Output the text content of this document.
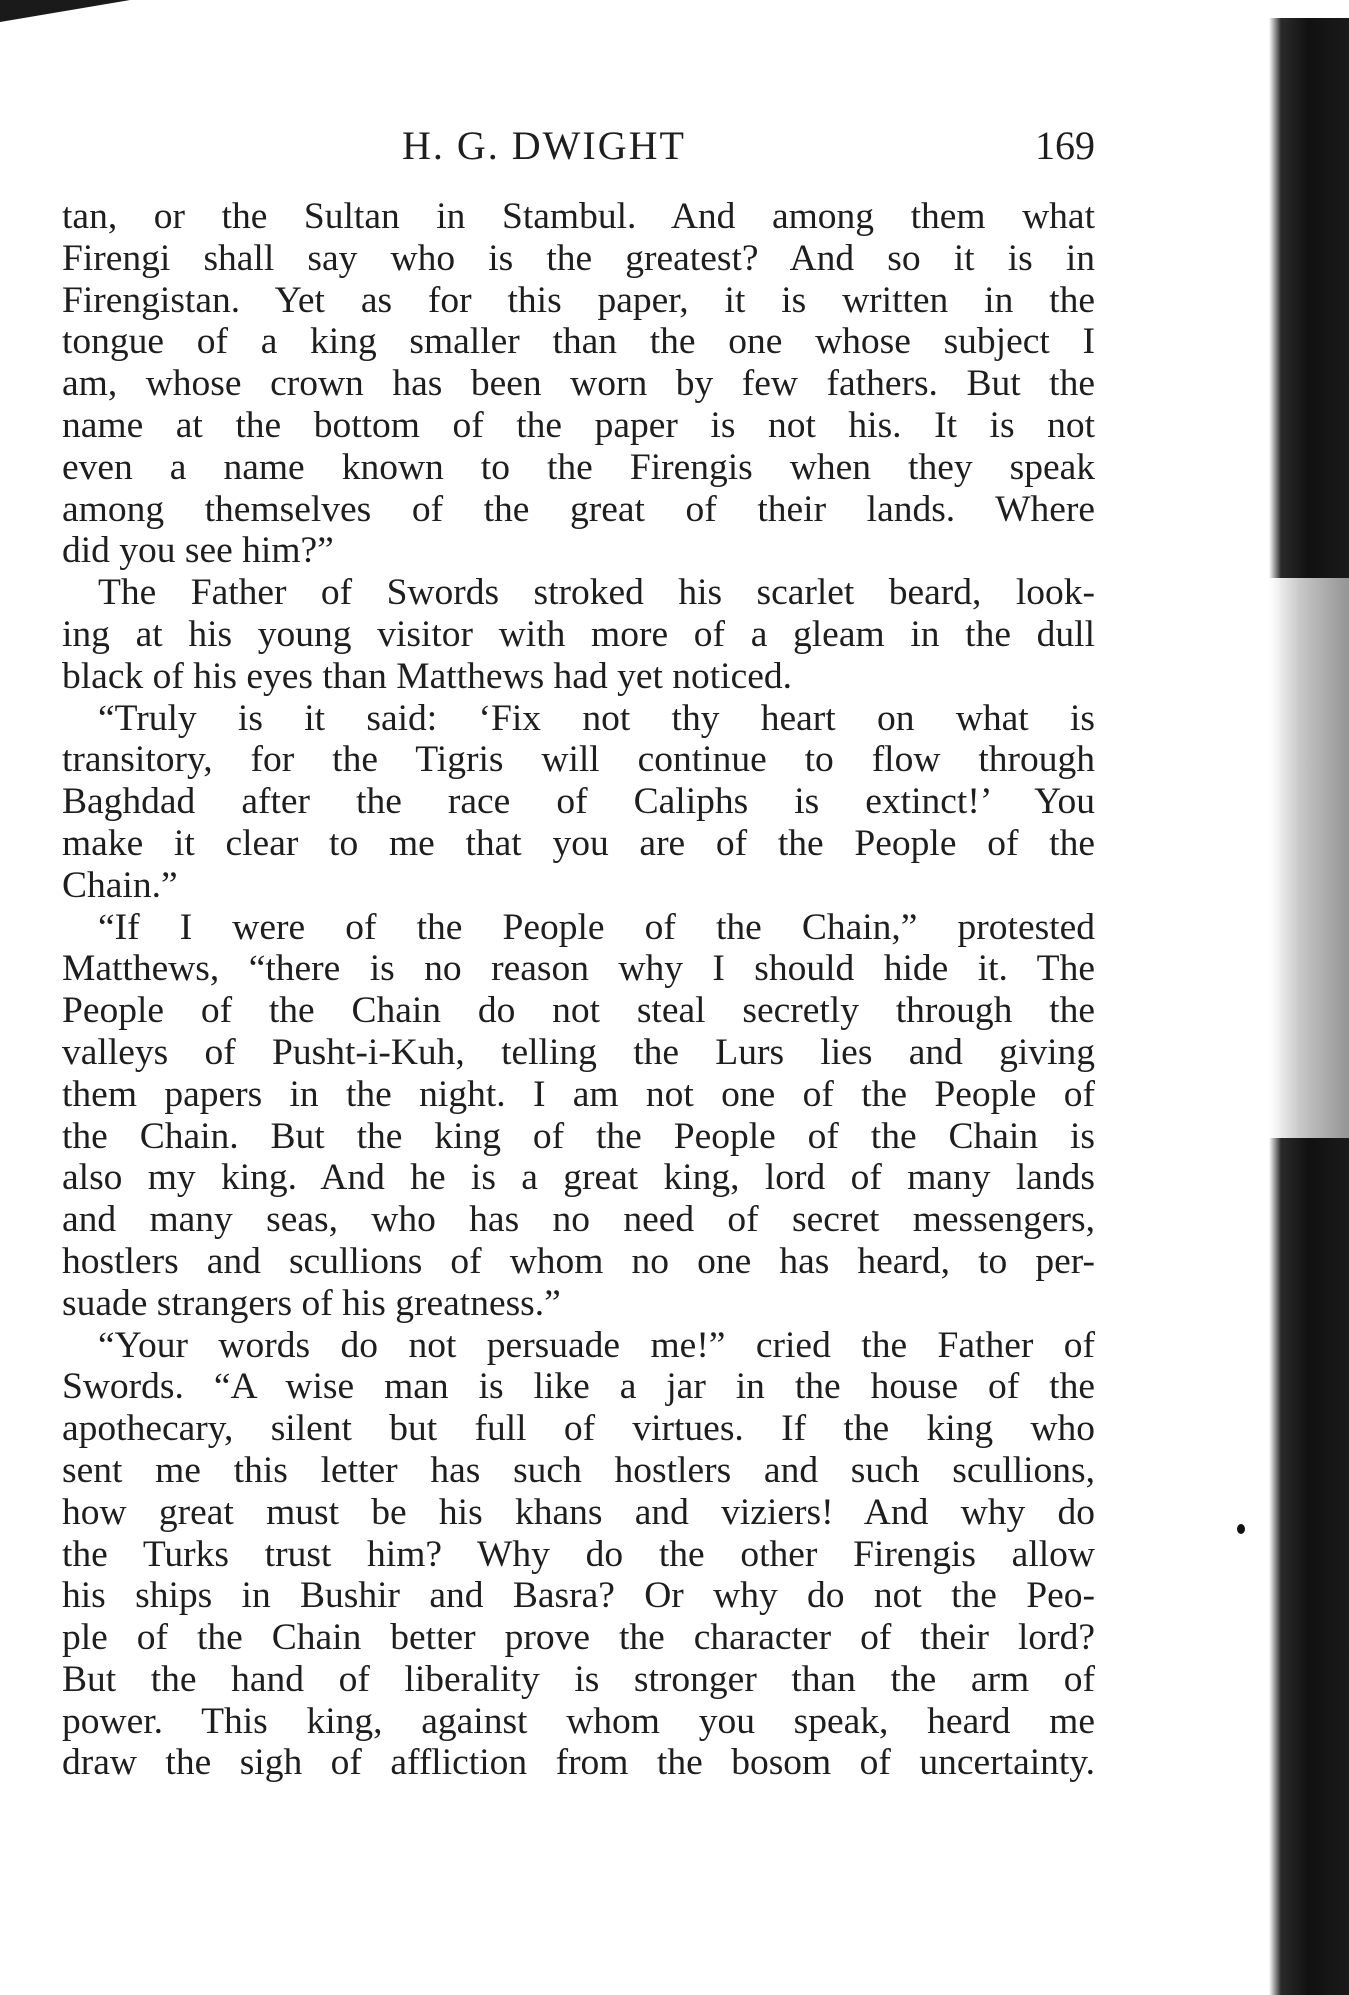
H. G. DWIGHT	169
tan, or the Sultan in Stambul. And among them what
Firengi shall say who is the greatest? And so it is in
Firengistan. Yet as for this paper, it is written in the
tongue of a king smaller than the one whose subject I
am, whose crown has been worn by few fathers. But the
name at the bottom of the paper is not his. It is not
even a name known to the Firengis when they speak
among themselves of the great of their lands. Where
did you see him?”
The Father of Swords stroked his scarlet beard, look-
ing at his young visitor with more of a gleam in the dull
black of his eyes than Matthews had yet noticed.
“Truly is it said: ‘Fix not thy heart on what is
transitory, for the Tigris will continue to flow through
Baghdad after the race of Caliphs is extinct!’ You
make it clear to me that you are of the People of the
Chain.”
“If I were of the People of the Chain,” protested
Matthews, “there is no reason why I should hide it. The
People of the Chain do not steal secretly through the
valleys of Pusht-i-Kuh, telling the Lurs lies and giving
them papers in the night. I am not one of the People of
the Chain. But the king of the People of the Chain is
also my king. And he is a great king, lord of many lands
and many seas, who has no need of secret messengers,
hostlers and scullions of whom no one has heard, to per-
suade strangers of his greatness.”
“Your words do not persuade me!” cried the Father of
Swords. “A wise man is like a jar in the house of the
apothecary, silent but full of virtues. If the king who
sent me this letter has such hostlers and such scullions,
how great must be his khans and viziers! And why do
the Turks trust him? Why do the other Firengis allow
his ships in Bushir and Basra? Or why do not the Peo-
ple of the Chain better prove the character of their lord?
But the hand of liberality is stronger than the arm of
power. This king, against whom you speak, heard me
draw the sigh of affliction from the bosom of uncertainty.
